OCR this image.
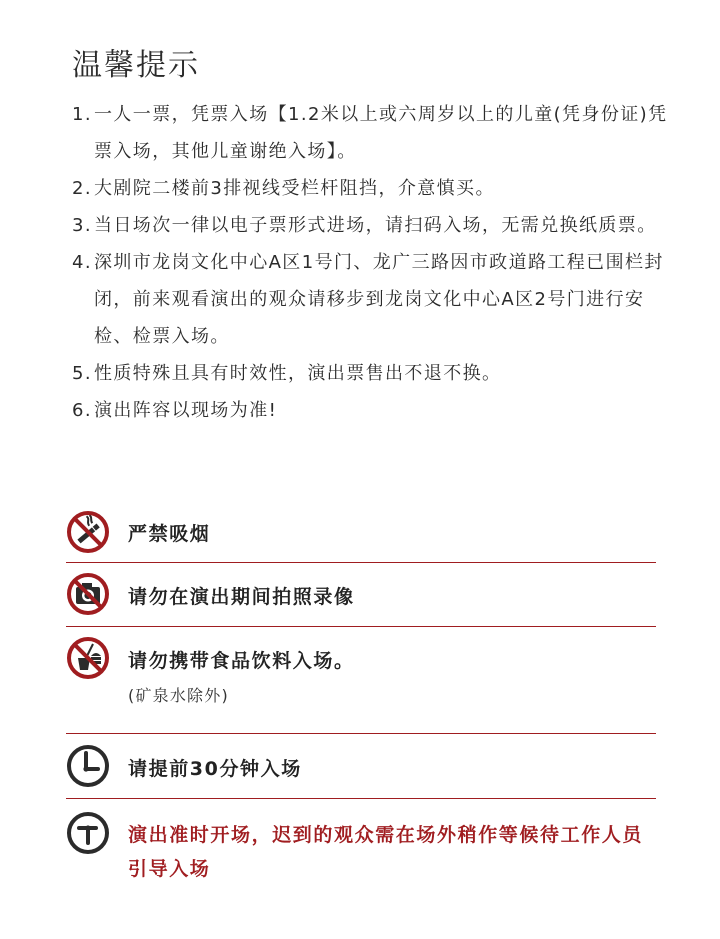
温馨提示
1. 一人一票，凭票入场【1.2米以上或六周岁以上的儿童(凭身份证)凭票入场，其他儿童谢绝入场】。
2. 大剧院二楼前3排视线受栏杆阻挡，介意慎买。
3. 当日场次一律以电子票形式进场，请扫码入场，无需兑换纸质票。
4. 深圳市龙岗文化中心A区1号门、龙广三路因市政道路工程已围栏封闭，前来观看演出的观众请移步到龙岗文化中心A区2号门进行安检、检票入场。
5. 性质特殊且具有时效性，演出票售出不退不换。
6. 演出阵容以现场为准!
严禁吸烟
请勿在演出期间拍照录像
请勿携带食品饮料入场。
(矿泉水除外)
请提前30分钟入场
演出准时开场，迟到的观众需在场外稍作等候待工作人员引导入场
